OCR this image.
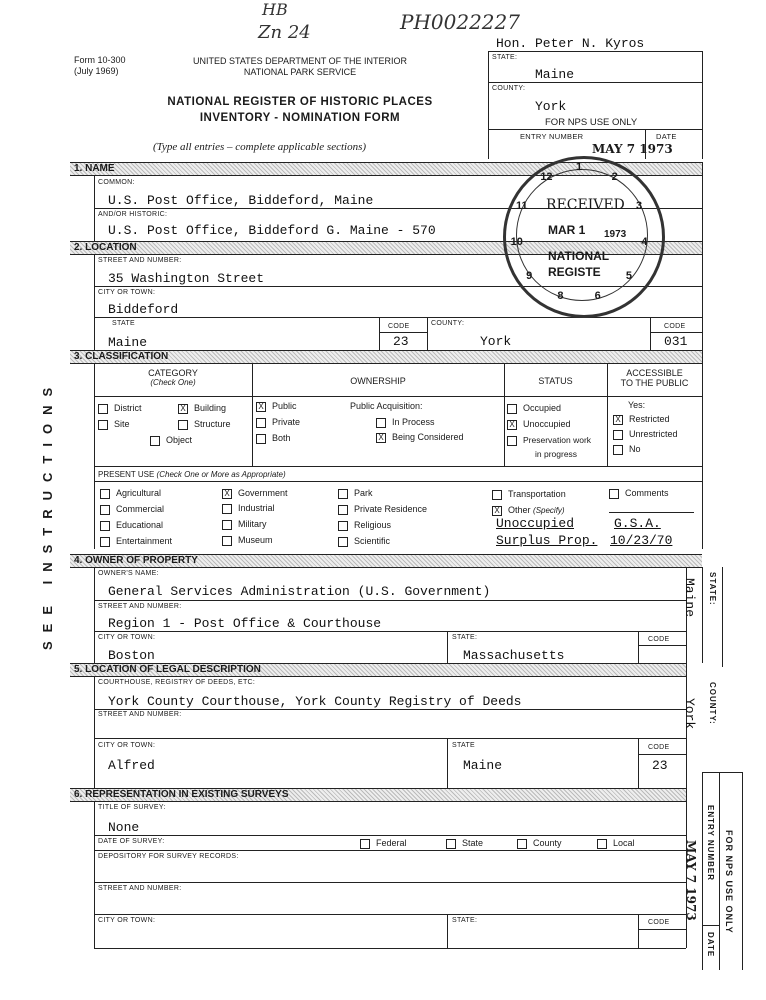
HB
Zn 24	PH0022227
Form 10-300
(July 1969)
UNITED STATES DEPARTMENT OF THE INTERIOR
NATIONAL PARK SERVICE
NATIONAL REGISTER OF HISTORIC PLACES
INVENTORY - NOMINATION FORM
(Type all entries – complete applicable sections)
SEE INSTRUCTIONS
Hon. Peter N. Kyros
STATE:
Maine
COUNTY:
York
FOR NPS USE ONLY
ENTRY NUMBER	DATE
MAY 7 1973
1. NAME
COMMON:
U.S. Post Office, Biddeford, Maine
AND/OR HISTORIC:
U.S. Post Office, Biddeford G. Maine - 570
2. LOCATION
STREET AND NUMBER:
35 Washington Street
CITY OR TOWN:
Biddeford
STATE
Maine
CODE
23
COUNTY:
York
CODE
031
RECEIVED
MAR 1 1973
NATIONAL
REGISTE
1
2
3
4
5
6
8
9
10
11
12
3. CLASSIFICATION
CATEGORY
(Check One)	OWNERSHIP	STATUS
ACCESSIBLE
TO THE PUBLIC
District	X Building
Site	Structure
Object
X Public
Private
Both
Public Acquisition:
In Process
X Being Considered
Occupied
X Unoccupied
Preservation work
in progress
Yes:
X Restricted
Unrestricted
No
PRESENT USE (Check One or More as Appropriate)
Agricultural	X Government	Park	Transportation	Comments
Commercial	Industrial	Private Residence	X Other (Specify)
Educational	Military	Religious
Entertainment	Museum	Scientific
Unoccupied
Surplus Prop.
G.S.A.
10/23/70
4. OWNER OF PROPERTY
OWNER'S NAME:
General Services Administration (U.S. Government)
STREET AND NUMBER:
Region 1 - Post Office & Courthouse
CITY OR TOWN:
Boston
STATE:
Massachusetts
CODE
STATE:
Maine
5. LOCATION OF LEGAL DESCRIPTION
COURTHOUSE, REGISTRY OF DEEDS, ETC:
York County Courthouse, York County Registry of Deeds
STREET AND NUMBER:
CITY OR TOWN:
Alfred
STATE
Maine
CODE
23
COUNTY:
York
6. REPRESENTATION IN EXISTING SURVEYS
TITLE OF SURVEY:
None
DATE OF SURVEY:	Federal	State	County	Local
DEPOSITORY FOR SURVEY RECORDS:
STREET AND NUMBER:
CITY OR TOWN:	STATE:	CODE	FOR NPS USE ONLY
ENTRY NUMBER
DATE
MAY 7 1973
